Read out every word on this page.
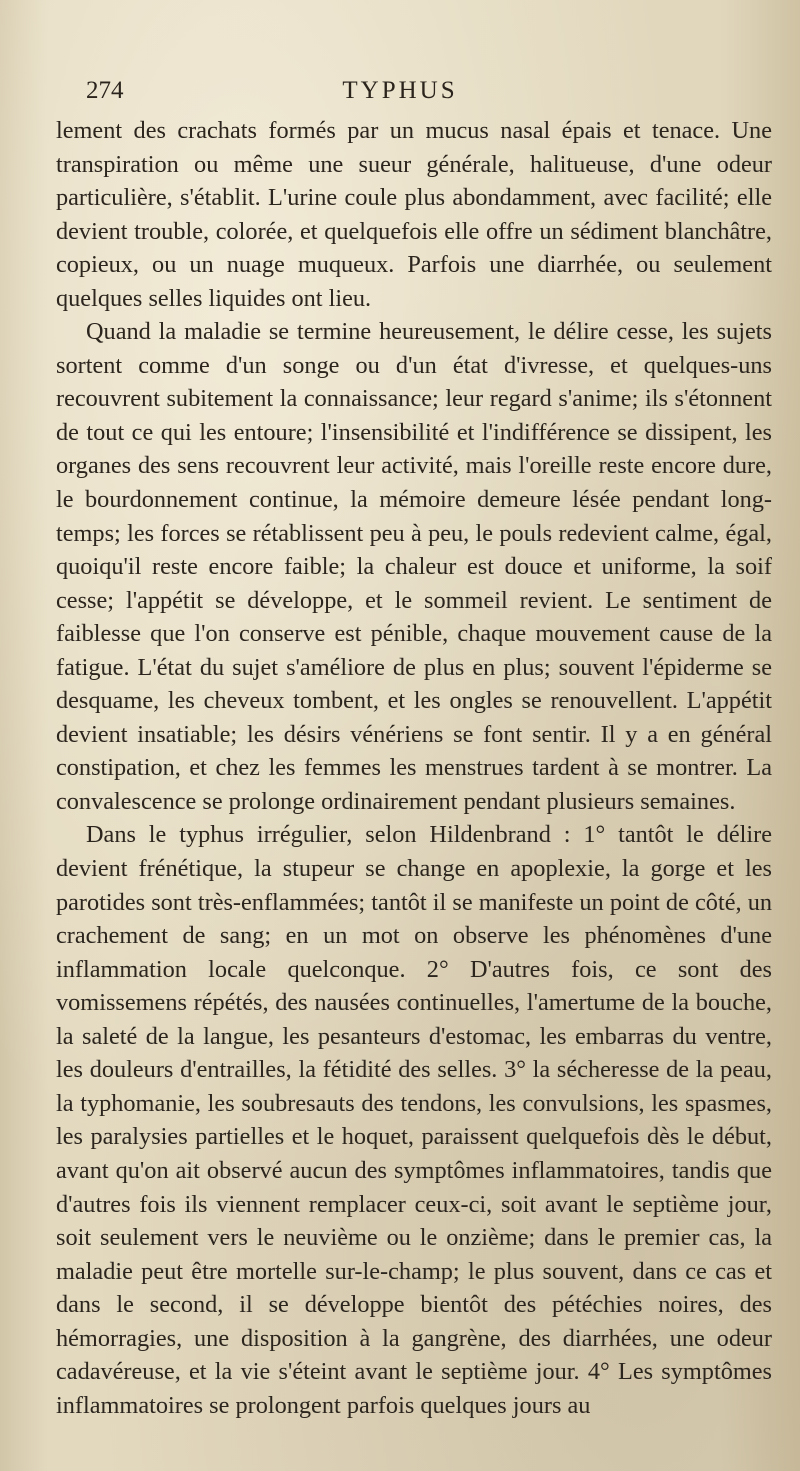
274	TYPHUS

lement des crachats formés par un mucus nasal épais et tenace. Une transpiration ou même une sueur générale, halitueuse, d'une odeur particulière, s'établit. L'urine coule plus abondamment, avec facilité; elle devient trouble, colorée, et quelquefois elle offre un sédiment blanchâtre, copieux, ou un nuage muqueux. Parfois une diarrhée, ou seulement quelques selles liquides ont lieu.

Quand la maladie se termine heureusement, le délire cesse, les sujets sortent comme d'un songe ou d'un état d'ivresse, et quelques-uns recouvrent subitement la connaissance; leur regard s'anime; ils s'étonnent de tout ce qui les entoure; l'insensibilité et l'indifférence se dissipent, les organes des sens recouvrent leur activité, mais l'oreille reste encore dure, le bourdonnement continue, la mémoire demeure lésée pendant long-temps; les forces se rétablissent peu à peu, le pouls redevient calme, égal, quoiqu'il reste encore faible; la chaleur est douce et uniforme, la soif cesse; l'appétit se développe, et le sommeil revient. Le sentiment de faiblesse que l'on conserve est pénible, chaque mouvement cause de la fatigue. L'état du sujet s'améliore de plus en plus; souvent l'épiderme se desquame, les cheveux tombent, et les ongles se renouvellent. L'appétit devient insatiable; les désirs vénériens se font sentir. Il y a en général constipation, et chez les femmes les menstrues tardent à se montrer. La convalescence se prolonge ordinairement pendant plusieurs semaines.

Dans le typhus irrégulier, selon Hildenbrand : 1° tantôt le délire devient frénétique, la stupeur se change en apoplexie, la gorge et les parotides sont très-enflammées; tantôt il se manifeste un point de côté, un crachement de sang; en un mot on observe les phénomènes d'une inflammation locale quelconque. 2° D'autres fois, ce sont des vomissemens répétés, des nausées continuelles, l'amertume de la bouche, la saleté de la langue, les pesanteurs d'estomac, les embarras du ventre, les douleurs d'entrailles, la fétidité des selles. 3° la sécheresse de la peau, la typhomanie, les soubresauts des tendons, les convulsions, les spasmes, les paralysies partielles et le hoquet, paraissent quelquefois dès le début, avant qu'on ait observé aucun des symptômes inflammatoires, tandis que d'autres fois ils viennent remplacer ceux-ci, soit avant le septième jour, soit seulement vers le neuvième ou le onzième; dans le premier cas, la maladie peut être mortelle sur-le-champ; le plus souvent, dans ce cas et dans le second, il se développe bientôt des pétéchies noires, des hémorragies, une disposition à la gangrène, des diarrhées, une odeur cadavéreuse, et la vie s'éteint avant le septième jour. 4° Les symptômes inflammatoires se prolongent parfois quelques jours au
